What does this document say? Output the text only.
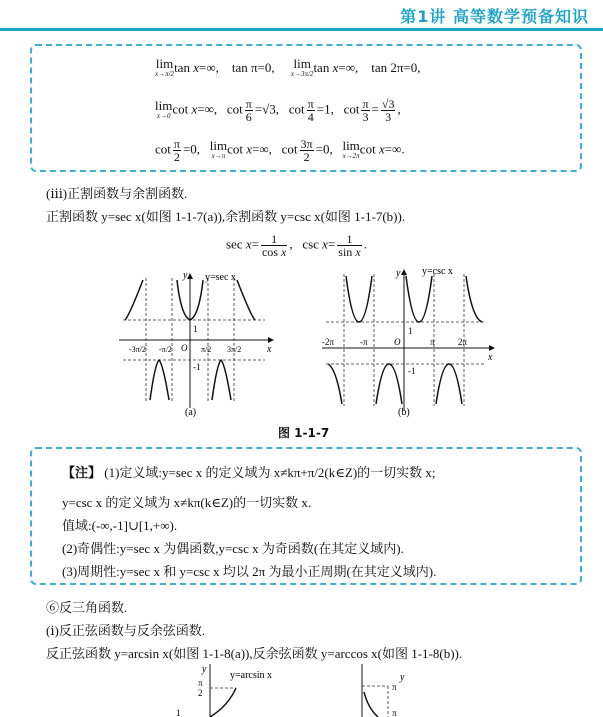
第1讲 高等数学预备知识
lim
x→π/2 tan x=∞,    tan π=0,     lim
x→3π/2 tan x=∞,    tan 2π=0,
lim
x→0 cot x=∞,   $\cot \frac{\pi}{6} =√3$,   $\cot \frac{\pi}{4} =1$,   $\cot \frac{\pi}{3} = \frac{√3}{3}$ ,
$\cot \frac{\pi}{2} =0$,   lim
x→π cot x=∞,   $\cot \frac{3\pi}{2} =0$,   lim
x→2π cot x=∞.
(ⅲ)正割函数与余割函数.
正割函数 y=sec x(如图 1-1-7(a)),余割函数 y=csc x(如图 1-1-7(b)).
$\sec x= \frac{1}{\text{cos x}}$ ,   $\csc x= \frac{1}{\text{sin x}}$ .
y=sec x
y
x
1
-1
-3π/2 -π/2 O π/2 3π/2
(a)
y=csc x
y
x
1
-1
-2π	-π	O	π	2π
(b)
图 1-1-7
【注】 (1)定义域:y=sec x 的定义域为 x≠kπ+π/2(k∈Z)的一切实数 x;
y=csc x 的定义域为 x≠kπ(k∈Z)的一切实数 x.
值域:(-∞,-1]∪[1,+∞).
(2)奇偶性:y=sec x 为偶函数,y=csc x 为奇函数(在其定义域内).
(3)周期性:y=sec x 和 y=csc x 均以 2π 为最小正周期(在其定义域内).
⑥反三角函数.
(ⅰ)反正弦函数与反余弦函数.
反正弦函数 y=arcsin x(如图 1-1-8(a)),反余弦函数 y=arccos x(如图 1-1-8(b)).
y
y=arcsin x
π
2
1
y
π
π
